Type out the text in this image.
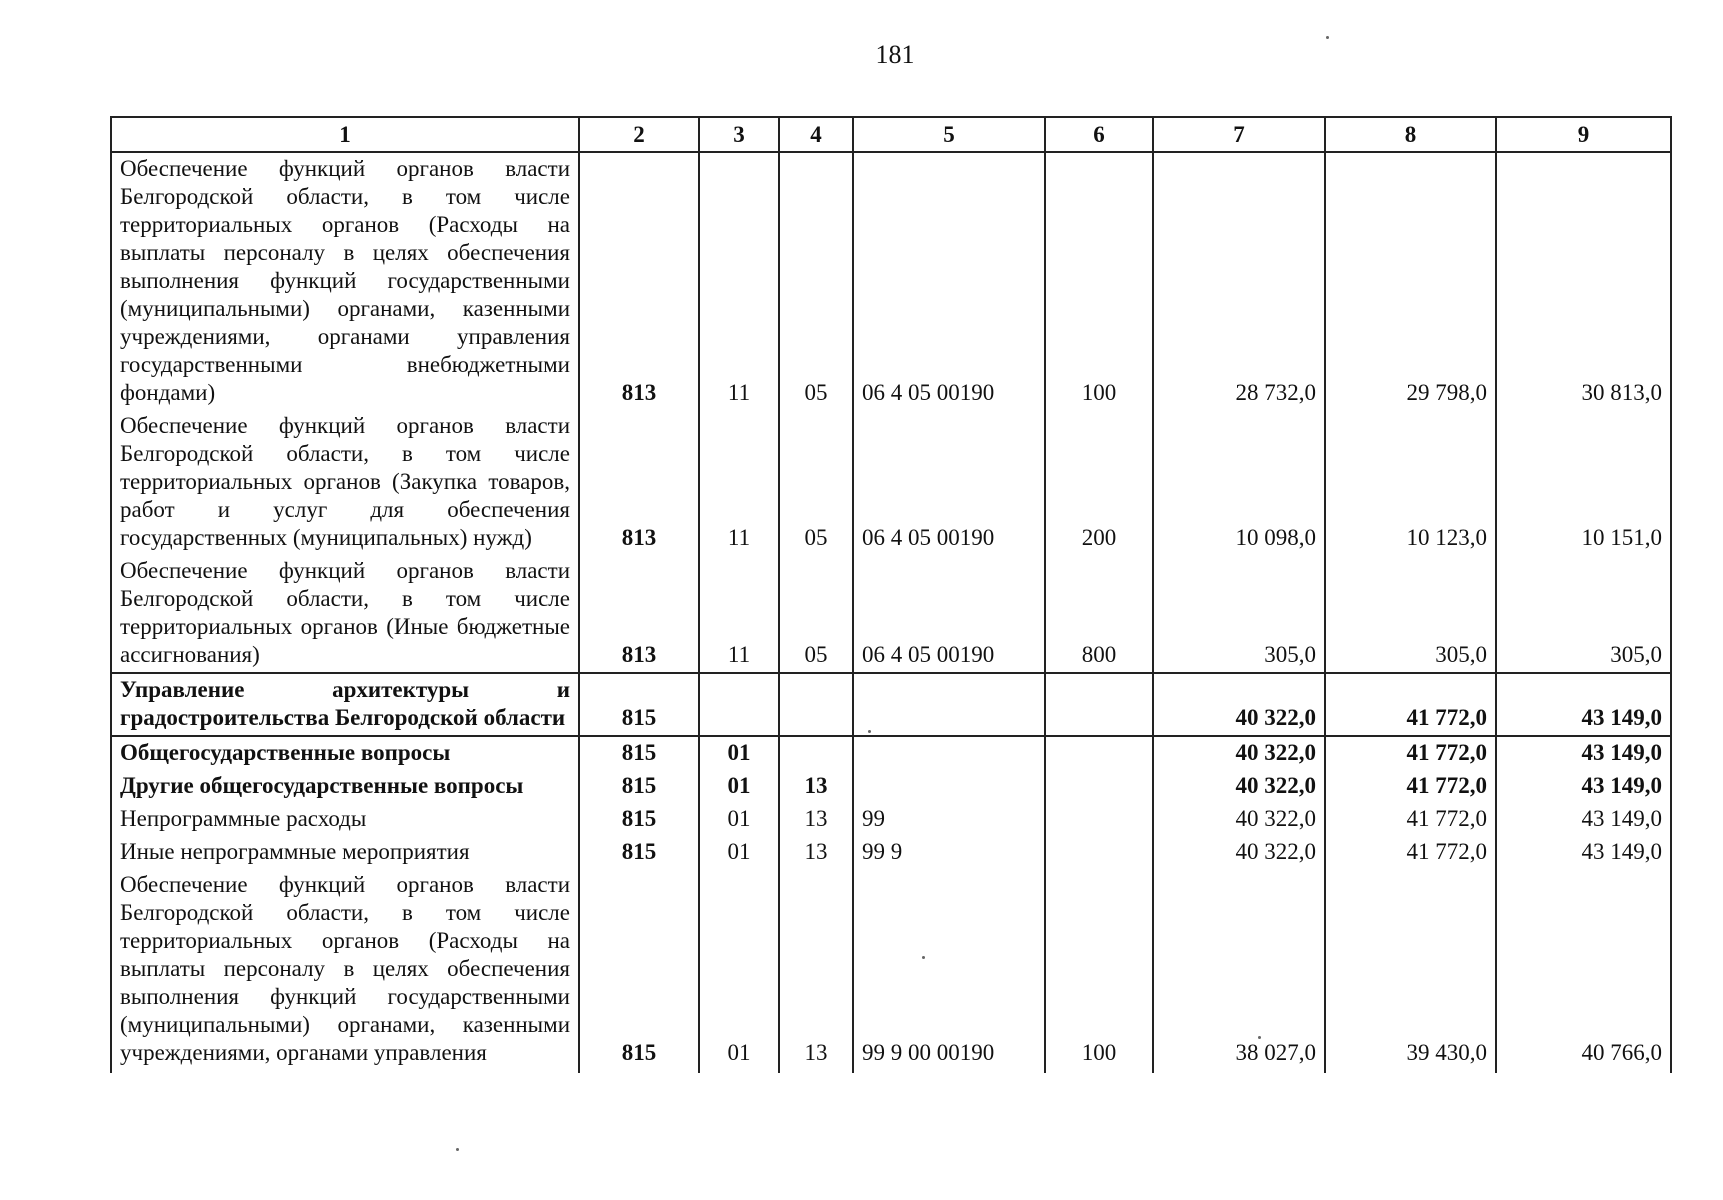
181
1	2	3	4	5	6	7	8	9
Обеспечение функций органов власти Белгородской области, в том числе территориальных органов (Расходы на выплаты персоналу в целях обеспечения выполнения функций государственными (муниципальными) органами, казенными учреждениями, органами управления государственными внебюджетными фондами)	813	11	05	06 4 05 00190	100	28 732,0	29 798,0	30 813,0
Обеспечение функций органов власти Белгородской области, в том числе территориальных органов (Закупка товаров, работ и услуг для обеспечения государственных (муниципальных) нужд)	813	11	05	06 4 05 00190	200	10 098,0	10 123,0	10 151,0
Обеспечение функций органов власти Белгородской области, в том числе территориальных органов (Иные бюджетные ассигнования)	813	11	05	06 4 05 00190	800	305,0	305,0	305,0
Управление архитектуры и градостроительства Белгородской области	815					40 322,0	41 772,0	43 149,0
Общегосударственные вопросы	815	01				40 322,0	41 772,0	43 149,0
Другие общегосударственные вопросы	815	01	13			40 322,0	41 772,0	43 149,0
Непрограммные расходы	815	01	13	99		40 322,0	41 772,0	43 149,0
Иные непрограммные мероприятия	815	01	13	99 9		40 322,0	41 772,0	43 149,0
Обеспечение функций органов власти Белгородской области, в том числе территориальных органов (Расходы на выплаты персоналу в целях обеспечения выполнения функций государственными (муниципальными) органами, казенными учреждениями, органами управления	815	01	13	99 9 00 00190	100	38 027,0	39 430,0	40 766,0
